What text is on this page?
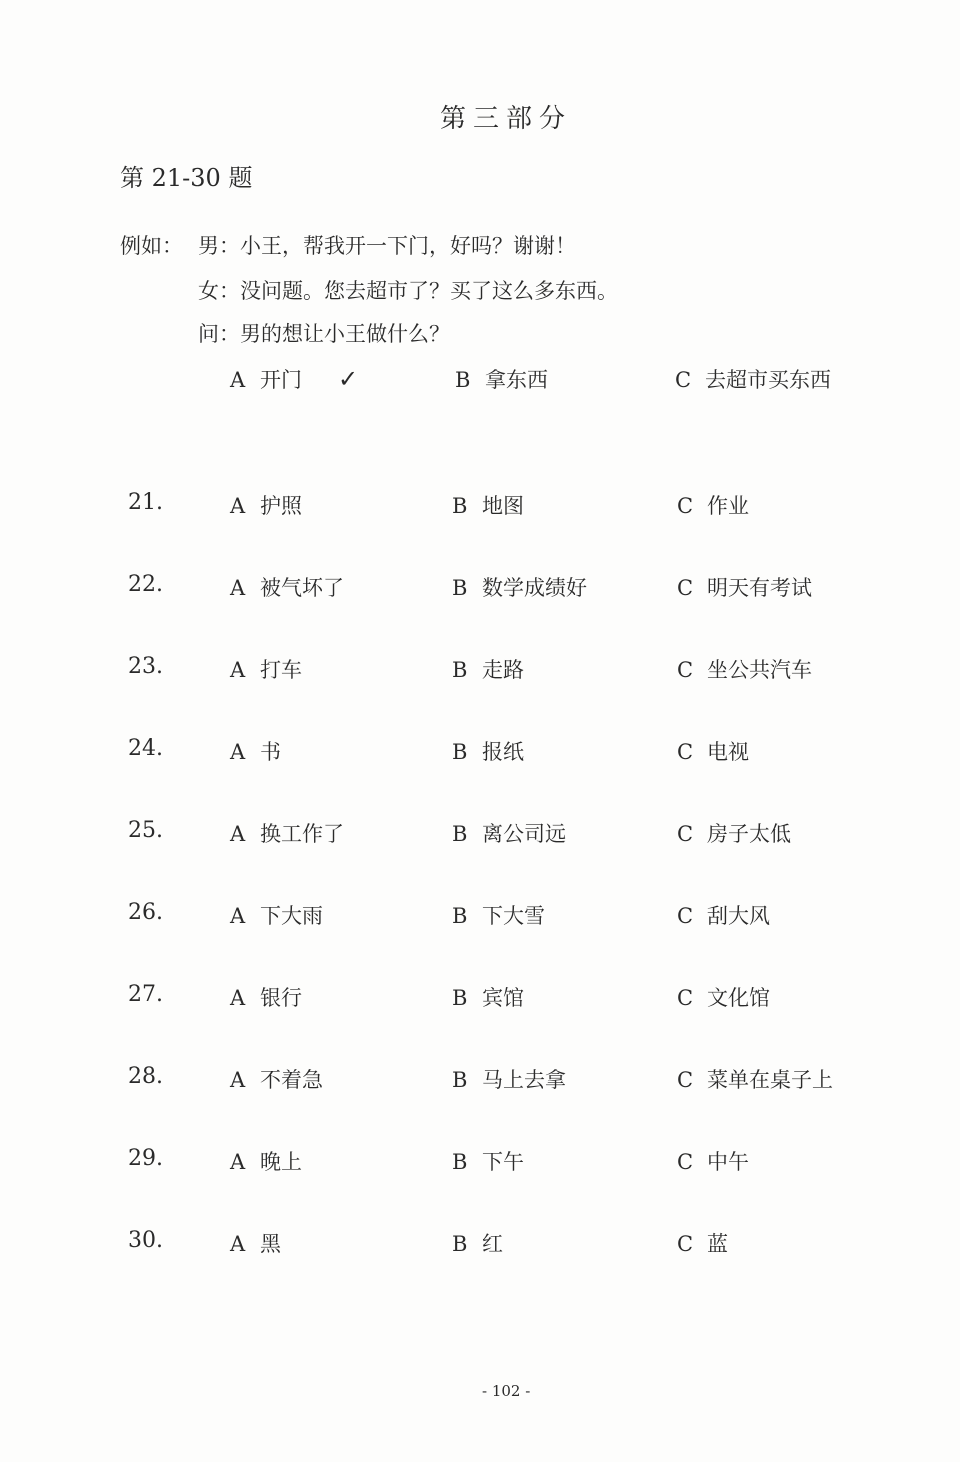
第三部分
第 21-30 题
例如： 男：小王，帮我开一下门，好吗？谢谢！
女：没问题。您去超市了？买了这么多东西。
问：男的想让小王做什么？
A 开门 ✓	B 拿东西	C 去超市买东西
21.	A 护照	B 地图	C 作业
22.	A 被气坏了	B 数学成绩好	C 明天有考试
23.	A 打车	B 走路	C 坐公共汽车
24.	A 书	B 报纸	C 电视
25.	A 换工作了	B 离公司远	C 房子太低
26.	A 下大雨	B 下大雪	C 刮大风
27.	A 银行	B 宾馆	C 文化馆
28.	A 不着急	B 马上去拿	C 菜单在桌子上
29.	A 晚上	B 下午	C 中午
30.	A 黑	B 红	C 蓝
- 102 -
